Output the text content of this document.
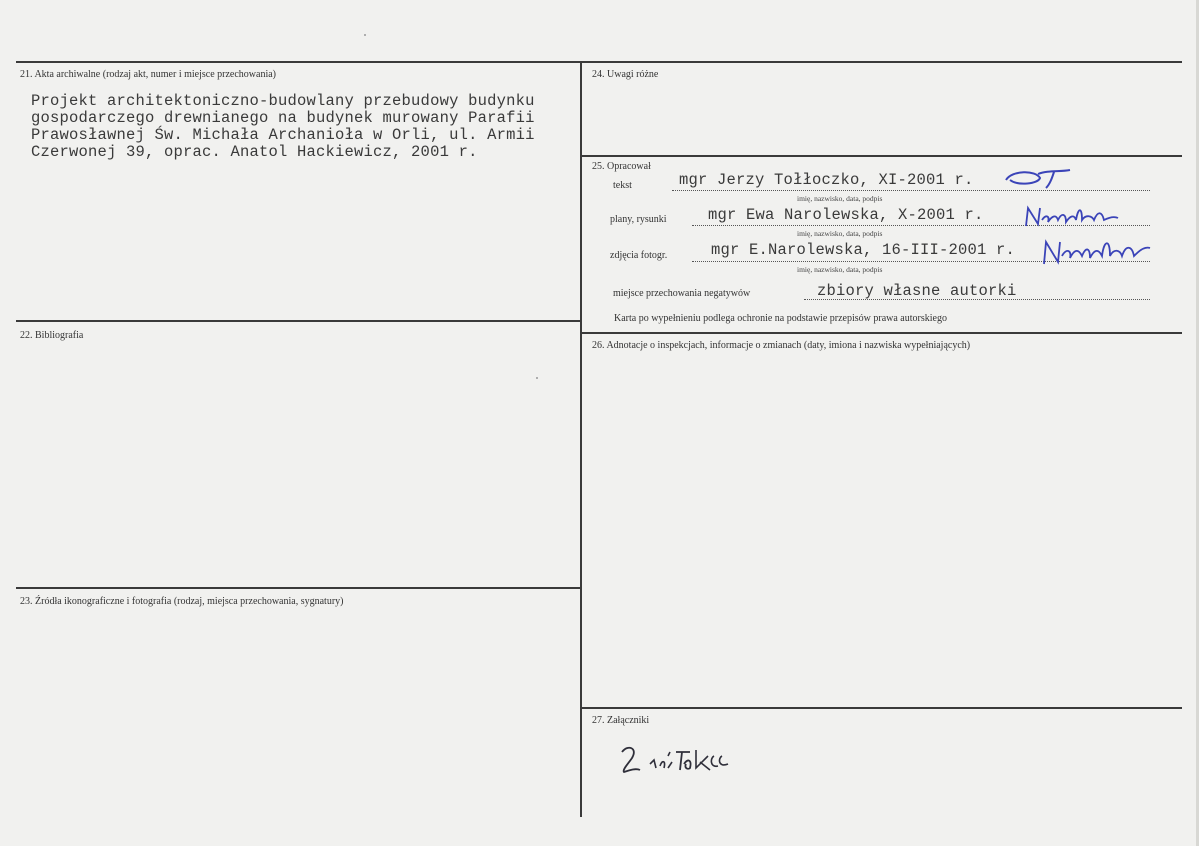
21. Akta archiwalne (rodzaj akt, numer i miejsce przechowania)
Projekt architektoniczno-budowlany przebudowy budynku
gospodarczego drewnianego na budynek murowany Parafii
Prawosławnej Św. Michała Archanioła w Orli, ul. Armii
Czerwonej 39, oprac. Anatol Hackiewicz, 2001 r.
22. Bibliografia
23. Źródła ikonograficzne i fotografia (rodzaj, miejsca przechowania, sygnatury)
24. Uwagi różne
25. Opracował
tekst	mgr Jerzy Tołłoczko, XI-2001 r.
imię, nazwisko, data, podpis
plany, rysunki	mgr Ewa Narolewska, X-2001 r.
imię, nazwisko, data, podpis
zdjęcia fotogr.	mgr E.Narolewska, 16-III-2001 r.
imię, nazwisko, data, podpis
miejsce przechowania negatywów	zbiory własne autorki
Karta po wypełnieniu podlega ochronie na podstawie przepisów prawa autorskiego
26. Adnotacje o inspekcjach, informacje o zmianach (daty, imiona i nazwiska wypełniających)
27. Załączniki
